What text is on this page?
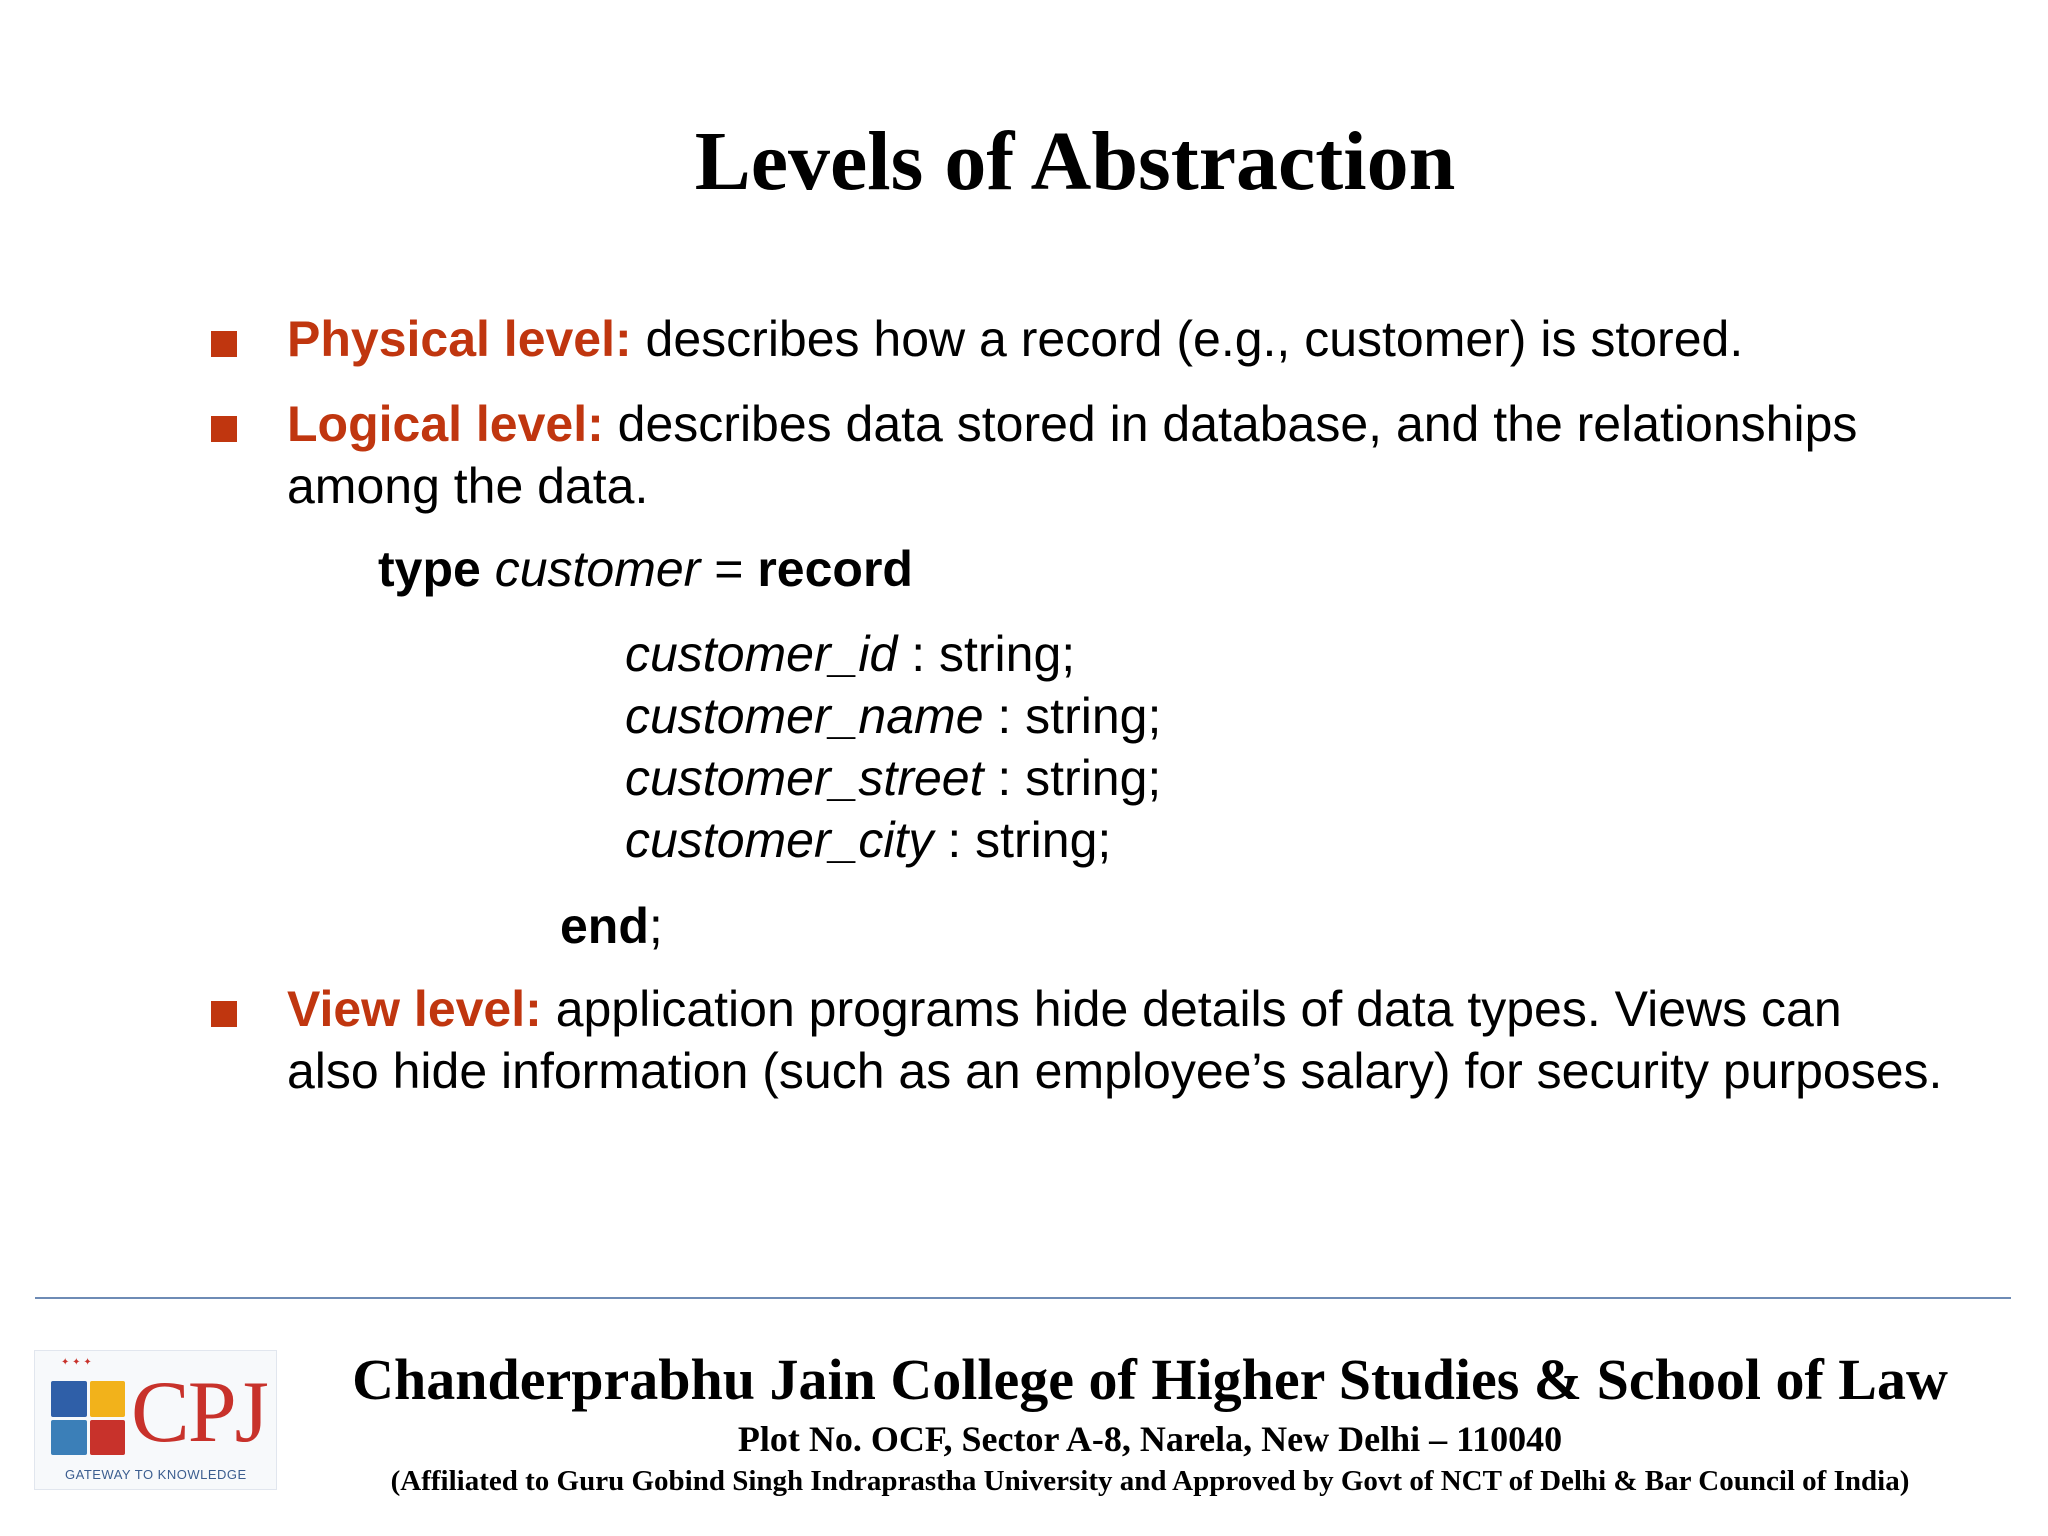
Levels of Abstraction
Physical level: describes how a record (e.g., customer) is stored.
Logical level: describes data stored in database, and the relationships among the data.
type customer = record
customer_id : string;
customer_name : string;
customer_street : string;
customer_city : string;
end;
View level: application programs hide details of data types. Views can also hide information (such as an employee’s salary) for security purposes.
✦ ✦ ✦
CPJ
GATEWAY TO KNOWLEDGE
Chanderprabhu Jain College of Higher Studies & School of Law
Plot No. OCF, Sector A-8, Narela, New Delhi – 110040
(Affiliated to Guru Gobind Singh Indraprastha University and Approved by Govt of NCT of Delhi & Bar Council of India)
